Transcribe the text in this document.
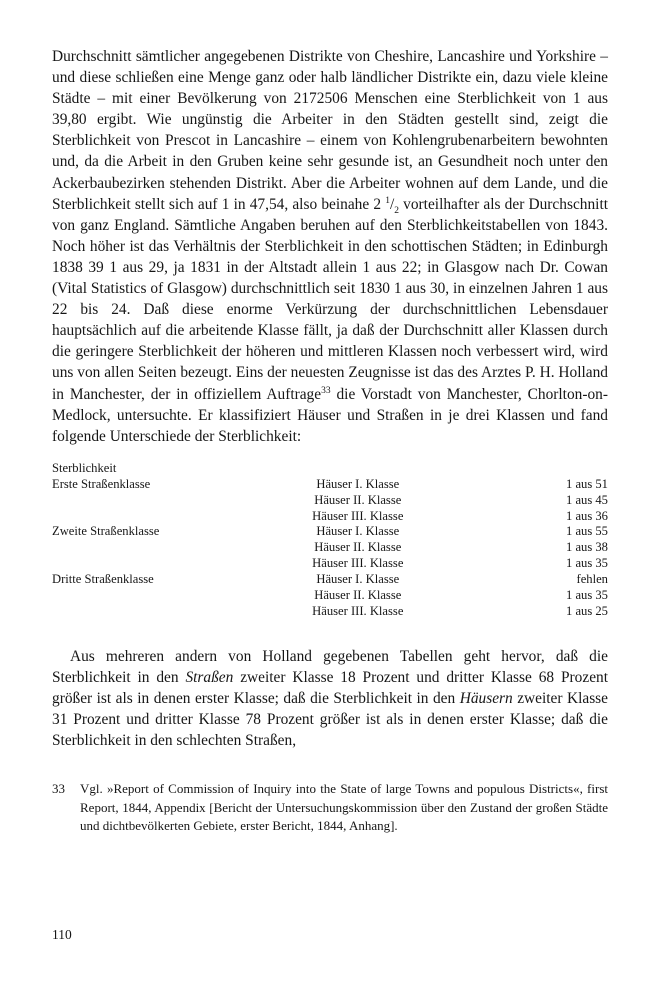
Durchschnitt sämtlicher angegebenen Distrikte von Cheshire, Lancashire und Yorkshire – und diese schließen eine Menge ganz oder halb ländlicher Distrikte ein, dazu viele kleine Städte – mit einer Bevölkerung von 2172506 Menschen eine Sterblichkeit von 1 aus 39,80 ergibt. Wie ungünstig die Arbeiter in den Städten gestellt sind, zeigt die Sterblichkeit von Prescot in Lancashire – einem von Kohlengrubenarbeitern bewohnten und, da die Arbeit in den Gruben keine sehr gesunde ist, an Gesundheit noch unter den Ackerbaubezirken stehenden Distrikt. Aber die Arbeiter wohnen auf dem Lande, und die Sterblichkeit stellt sich auf 1 in 47,54, also beinahe 2 $^1/_2$ vorteilhafter als der Durchschnitt von ganz England. Sämtliche Angaben beruhen auf den Sterblichkeitstabellen von 1843. Noch höher ist das Verhältnis der Sterblichkeit in den schottischen Städten; in Edinburgh 1838 39 1 aus 29, ja 1831 in der Altstadt allein 1 aus 22; in Glasgow nach Dr. Cowan (Vital Statistics of Glasgow) durchschnittlich seit 1830 1 aus 30, in einzelnen Jahren 1 aus 22 bis 24. Daß diese enorme Verkürzung der durchschnittlichen Lebensdauer hauptsächlich auf die arbeitende Klasse fällt, ja daß der Durchschnitt aller Klassen durch die geringere Sterblichkeit der höheren und mittleren Klassen noch verbessert wird, wird uns von allen Seiten bezeugt. Eins der neuesten Zeugnisse ist das des Arztes P. H. Holland in Manchester, der in offiziellem Auftrage$^{33}$ die Vorstadt von Manchester, Chorlton-on-Medlock, untersuchte. Er klassifiziert Häuser und Straßen in je drei Klassen und fand folgende Unterschiede der Sterblichkeit:

Sterblichkeit
Erste Straßenklasse	Häuser I. Klasse	1 aus 51
Häuser II. Klasse	1 aus 45
Häuser III. Klasse	1 aus 36
Zweite Straßenklasse	Häuser I. Klasse	1 aus 55
Häuser II. Klasse	1 aus 38
Häuser III. Klasse	1 aus 35
Dritte Straßenklasse	Häuser I. Klasse	fehlen
Häuser II. Klasse	1 aus 35
Häuser III. Klasse	1 aus 25

Aus mehreren andern von Holland gegebenen Tabellen geht hervor, daß die Sterblichkeit in den Straßen zweiter Klasse 18 Prozent und dritter Klasse 68 Prozent größer ist als in denen erster Klasse; daß die Sterblichkeit in den Häusern zweiter Klasse 31 Prozent und dritter Klasse 78 Prozent größer ist als in denen erster Klasse; daß die Sterblichkeit in den schlechten Straßen,

33	Vgl. »Report of Commission of Inquiry into the State of large Towns and populous Districts«, first Report, 1844, Appendix [Bericht der Untersuchungskommission über den Zustand der großen Städte und dichtbevölkerten Gebiete, erster Bericht, 1844, Anhang].
110
